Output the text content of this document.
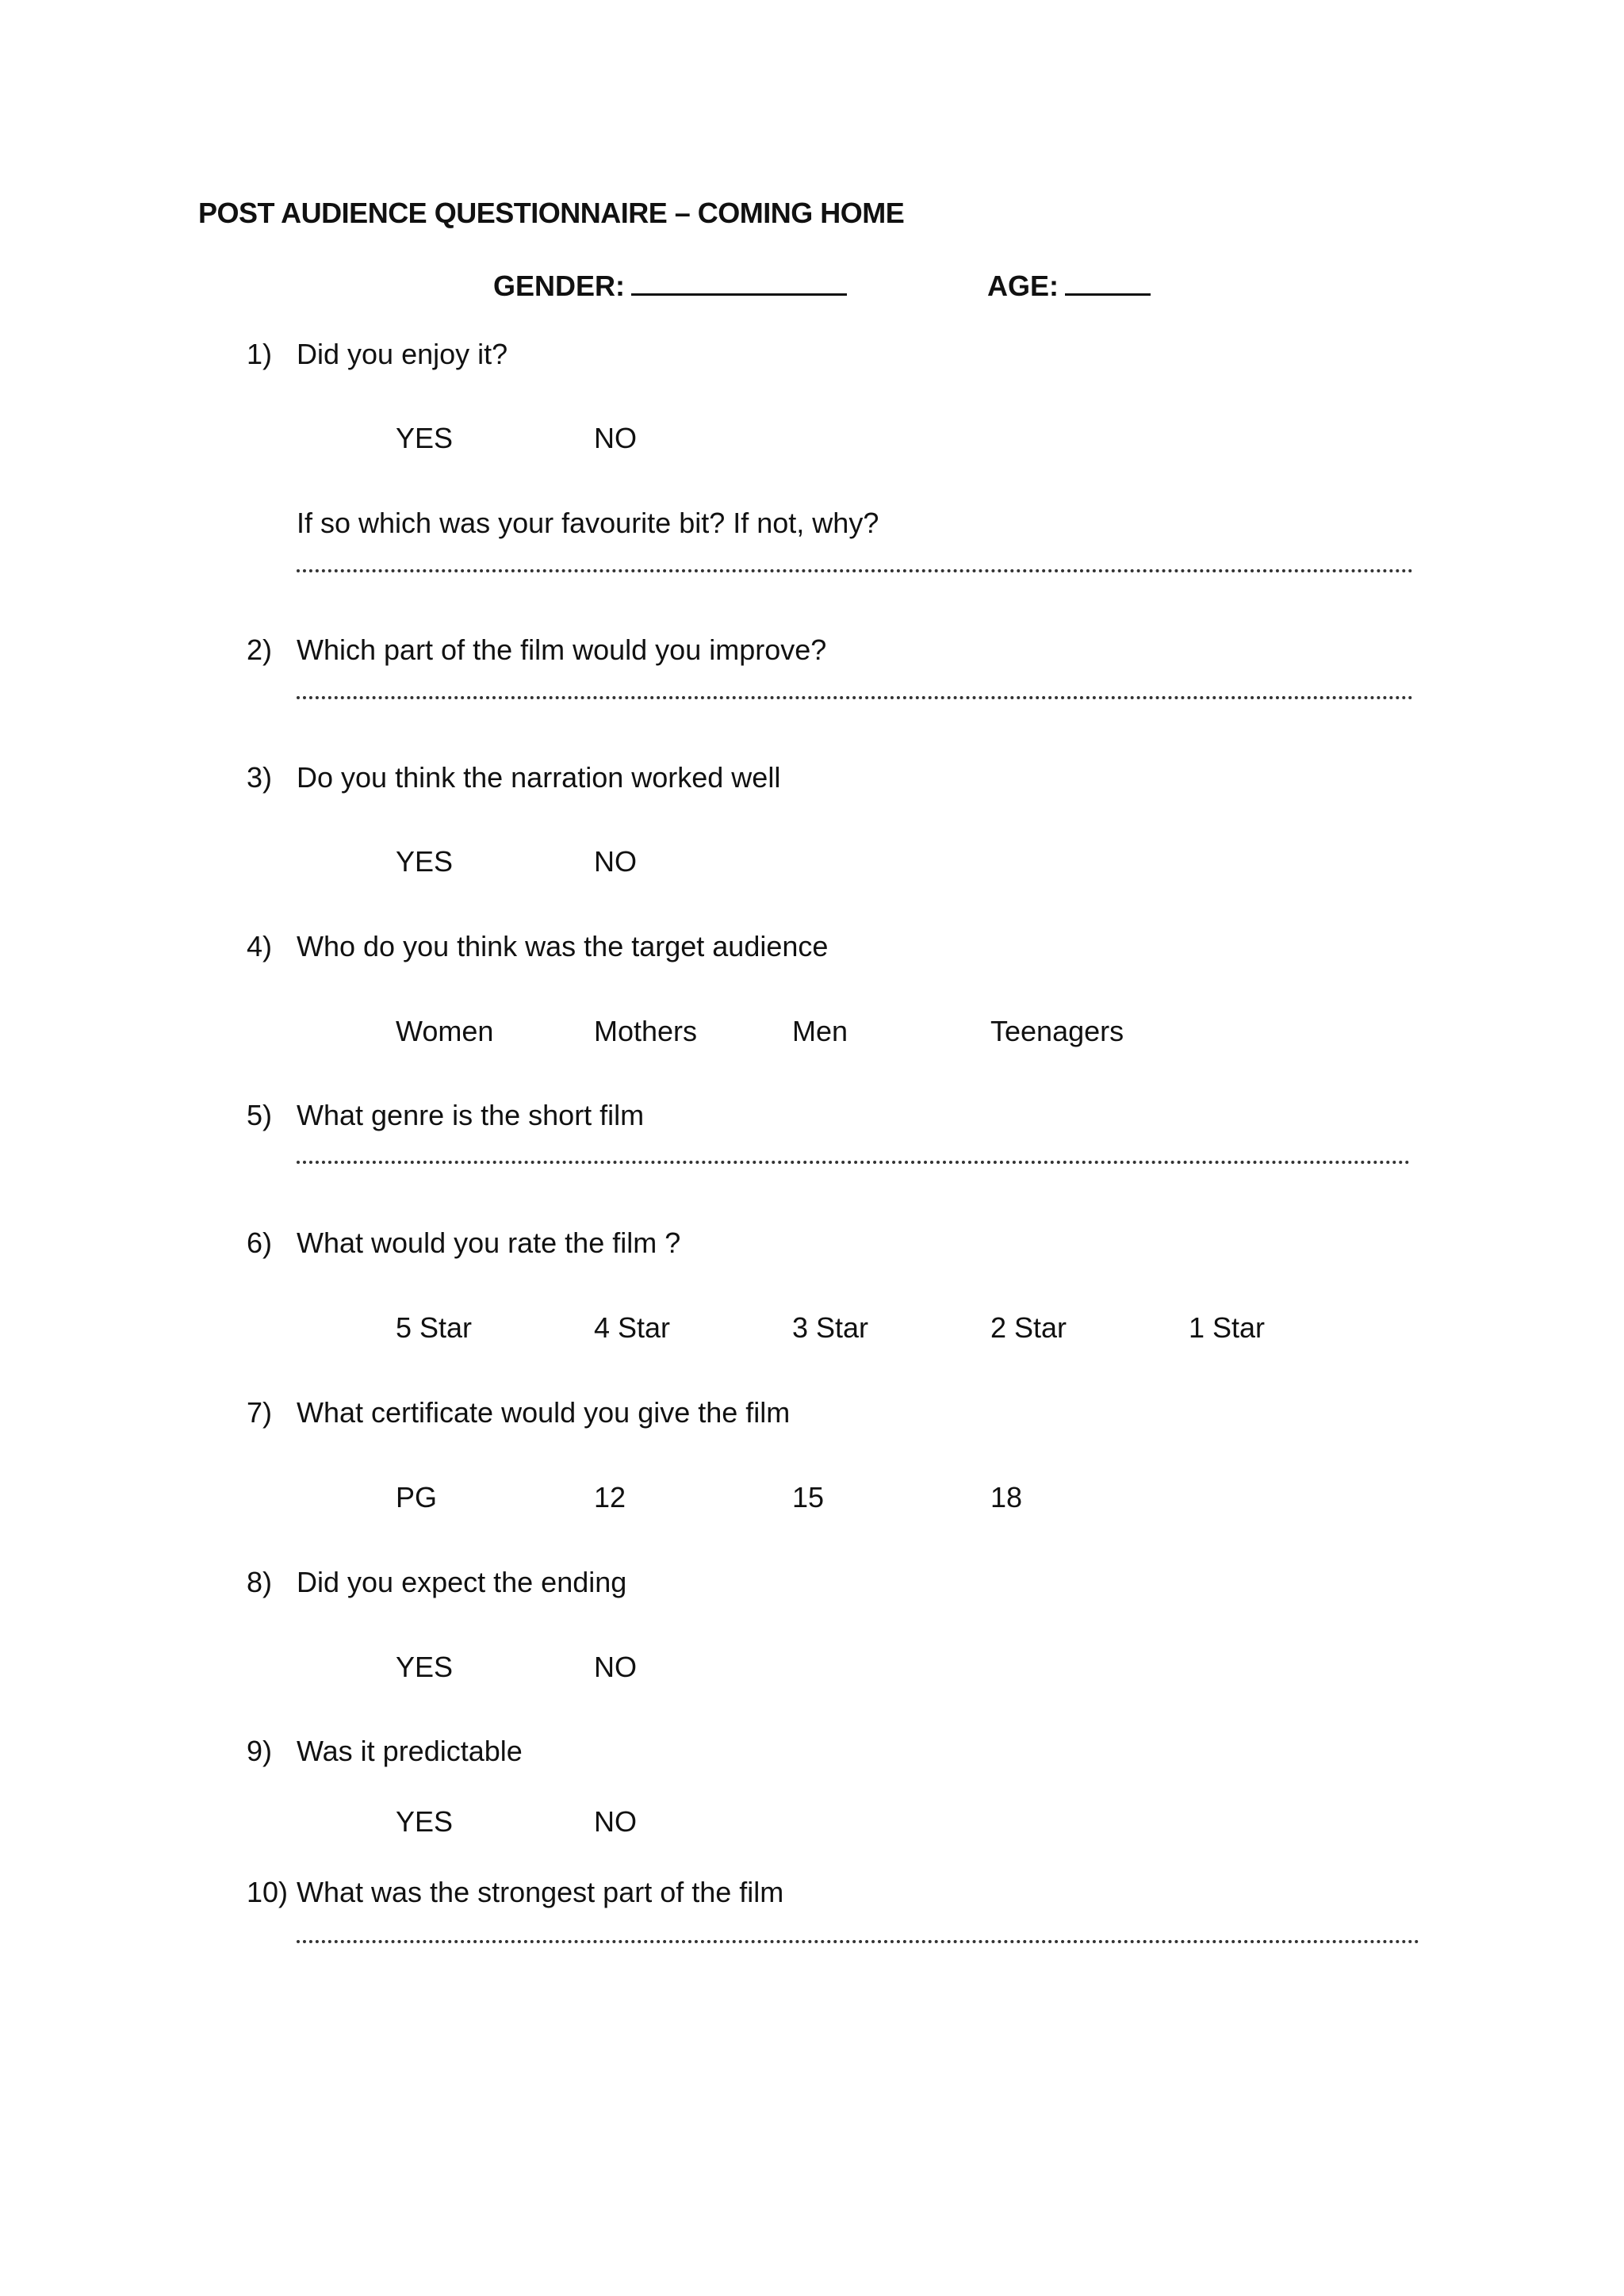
POST AUDIENCE QUESTIONNAIRE – COMING HOME
GENDER:	AGE:
1) Did you enjoy it?
YES	NO
If so which was your favourite bit? If not, why?
2) Which part of the film would you improve?
3) Do you think the narration worked well
YES	NO
4) Who do you think was the target audience
Women	Mothers	Men	Teenagers
5) What genre is the short film
6) What would you rate the film ?
5 Star	4 Star	3 Star	2 Star	1 Star
7) What certificate would you give the film
PG	12	15	18
8) Did you expect the ending
YES	NO
9) Was it predictable
YES	NO
10) What was the strongest part of the film
